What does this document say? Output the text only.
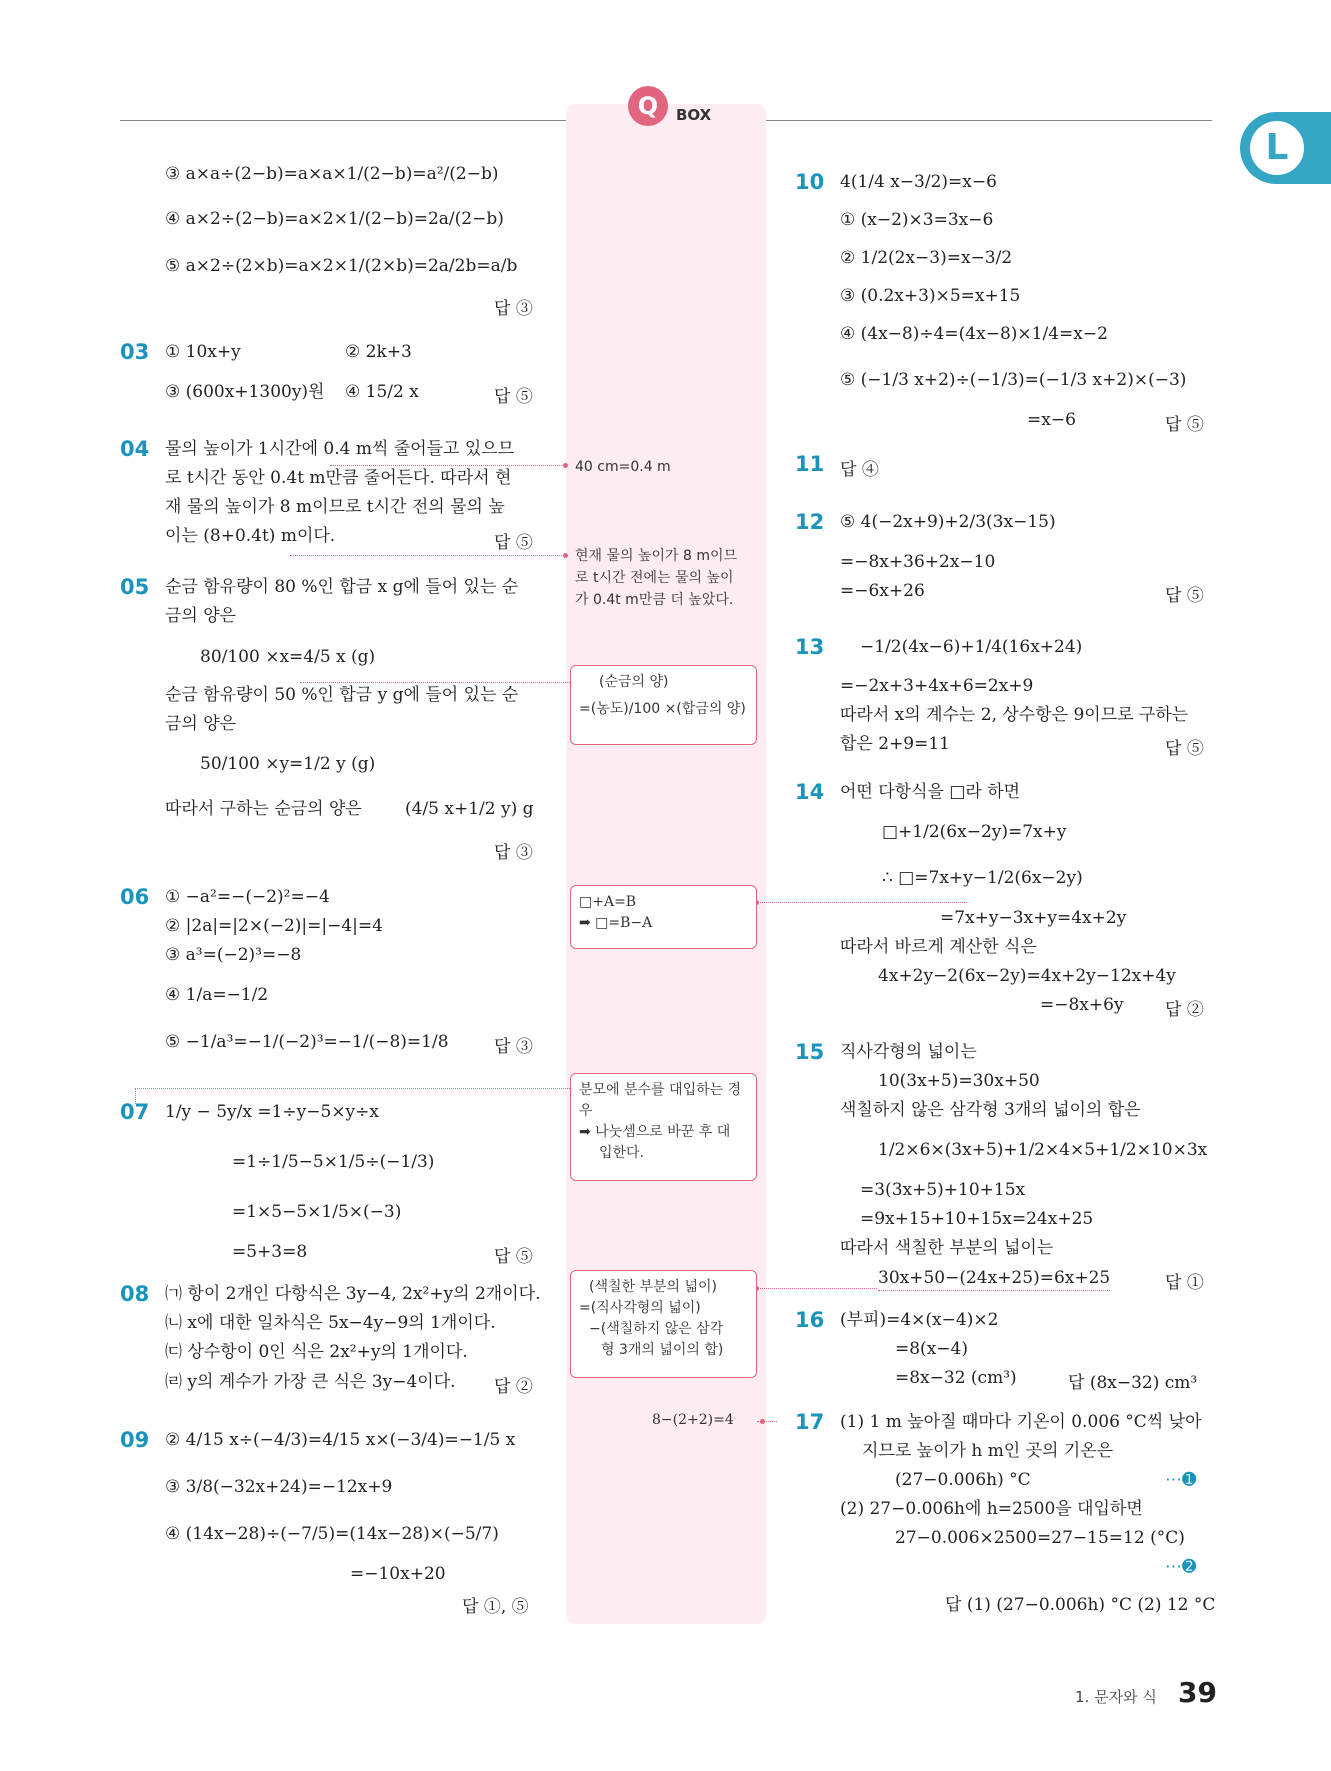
Q	BOX
L
③ a×a÷(2−b)=a×a×1/(2−b)=a²/(2−b)
④ a×2÷(2−b)=a×2×1/(2−b)=2a/(2−b)
⑤ a×2÷(2×b)=a×2×1/(2×b)=2a/2b=a/b
답 ③
03 ① 10x+y	② 2k+3
③ (600x+1300y)원 ④ 15/2 x	답 ⑤
04 물의 높이가 1시간에 0.4 m씩 줄어들고 있으므
로 t시간 동안 0.4t m만큼 줄어든다. 따라서 현
재 물의 높이가 8 m이므로 t시간 전의 물의 높
이는 (8+0.4t) m이다.	답 ⑤
05 순금 함유량이 80 %인 합금 x g에 들어 있는 순
금의 양은
80/100 ×x=4/5 x (g)
순금 함유량이 50 %인 합금 y g에 들어 있는 순
금의 양은
50/100 ×y=1/2 y (g)
따라서 구하는 순금의 양은	(4/5 x+1/2 y) g
답 ③
06 ① −a²=−(−2)²=−4
② |2a|=|2×(−2)|=|−4|=4
③ a³=(−2)³=−8
④ 1/a=−1/2
⑤ −1/a³=−1/(−2)³=−1/(−8)=1/8	답 ③
07 1/y − 5y/x =1÷y−5×y÷x
=1÷1/5−5×1/5÷(−1/3)
=1×5−5×1/5×(−3)
=5+3=8	답 ⑤
08 ㈀ 항이 2개인 다항식은 3y−4, 2x²+y의 2개이다.
㈁ x에 대한 일차식은 5x−4y−9의 1개이다.
㈂ 상수항이 0인 식은 2x²+y의 1개이다.
㈃ y의 계수가 가장 큰 식은 3y−4이다. 답 ②
09 ② 4/15 x÷(−4/3)=4/15 x×(−3/4)=−1/5 x
③ 3/8(−32x+24)=−12x+9
④ (14x−28)÷(−7/5)=(14x−28)×(−5/7)
=−10x+20
답 ①, ⑤
40 cm=0.4 m
현재 물의 높이가 8 m이므
로 t시간 전에는 물의 높이
가 0.4t m만큼 더 높았다.
(순금의 양)
=(농도)/100 ×(합금의 양)
□+A=B
➡ □=B−A
분모에 분수를 대입하는 경
우
➡ 나눗셈으로 바꾼 후 대
입한다.
(색칠한 부분의 넓이)
=(직사각형의 넓이)
−(색칠하지 않은 삼각
형 3개의 넓이의 합)
8−(2+2)=4
10 4(1/4 x−3/2)=x−6
① (x−2)×3=3x−6
② 1/2(2x−3)=x−3/2
③ (0.2x+3)×5=x+15
④ (4x−8)÷4=(4x−8)×1/4=x−2
⑤ (−1/3 x+2)÷(−1/3)=(−1/3 x+2)×(−3)
=x−6	답 ⑤
11 답 ④
12 ⑤ 4(−2x+9)+2/3(3x−15)
=−8x+36+2x−10
=−6x+26	답 ⑤
13 −1/2(4x−6)+1/4(16x+24)
=−2x+3+4x+6=2x+9
따라서 x의 계수는 2, 상수항은 9이므로 구하는
합은 2+9=11	답 ⑤
14 어떤 다항식을 □라 하면
□+1/2(6x−2y)=7x+y
∴ □=7x+y−1/2(6x−2y)
=7x+y−3x+y=4x+2y
따라서 바르게 계산한 식은
4x+2y−2(6x−2y)=4x+2y−12x+4y
=−8x+6y 답 ②
15 직사각형의 넓이는
10(3x+5)=30x+50
색칠하지 않은 삼각형 3개의 넓이의 합은
1/2×6×(3x+5)+1/2×4×5+1/2×10×3x
=3(3x+5)+10+15x
=9x+15+10+15x=24x+25
따라서 색칠한 부분의 넓이는
30x+50−(24x+25)=6x+25	답 ①
16 (부피)=4×(x−4)×2
=8(x−4)
=8x−32 (cm³)	답 (8x−32) cm³
17 (1) 1 m 높아질 때마다 기온이 0.006 °C씩 낮아
지므로 높이가 h m인 곳의 기온은
(27−0.006h) °C	⋯➊
(2) 27−0.006h에 h=2500을 대입하면
27−0.006×2500=27−15=12 (°C)
⋯➋
답 (1) (27−0.006h) °C (2) 12 °C
1. 문자와 식 39
